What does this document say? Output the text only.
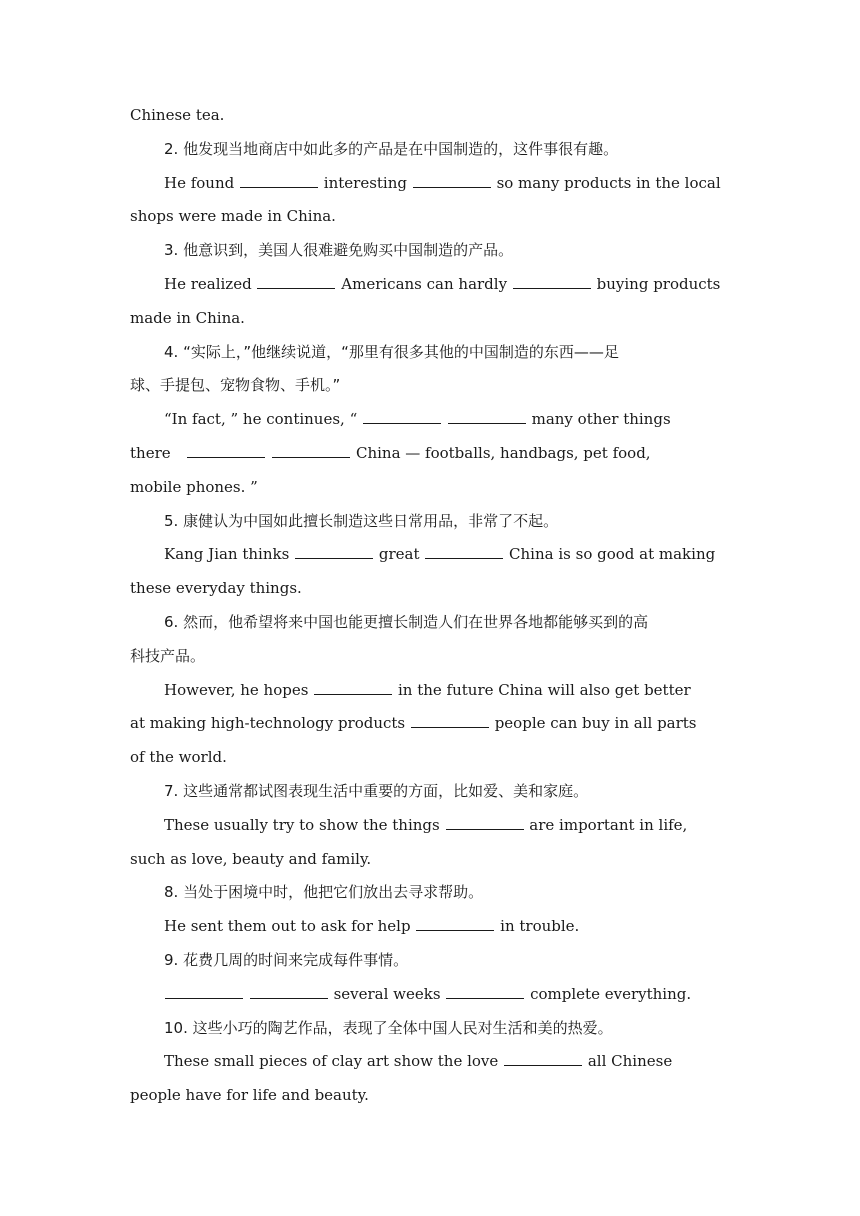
Chinese tea.
2. 他发现当地商店中如此多的产品是在中国制造的，这件事很有趣。
He found	interesting	so many products in the local
shops were made in China.
3. 他意识到，美国人很难避免购买中国制造的产品。
He realized	Americans can hardly	buying products
made in China.
4. “实际上，”他继续说道，“那里有很多其他的中国制造的东西——足
球、手提包、宠物食物、手机。”
“In fact, ” he continues, “	many other things
there	China — footballs, handbags, pet food,
mobile phones. ”
5. 康健认为中国如此擅长制造这些日常用品，非常了不起。
Kang Jian thinks	great	China is so good at making
these everyday things.
6. 然而，他希望将来中国也能更擅长制造人们在世界各地都能够买到的高
科技产品。
However, he hopes	in the future China will also get better
at making high-technology products	people can buy in all parts
of the world.
7. 这些通常都试图表现生活中重要的方面，比如爱、美和家庭。
These usually try to show the things	are important in life,
such as love, beauty and family.
8. 当处于困境中时，他把它们放出去寻求帮助。
He sent them out to ask for help	in trouble.
9. 花费几周的时间来完成每件事情。
several weeks	complete everything.
10. 这些小巧的陶艺作品，表现了全体中国人民对生活和美的热爱。
These small pieces of clay art show the love	all Chinese
people have for life and beauty.
